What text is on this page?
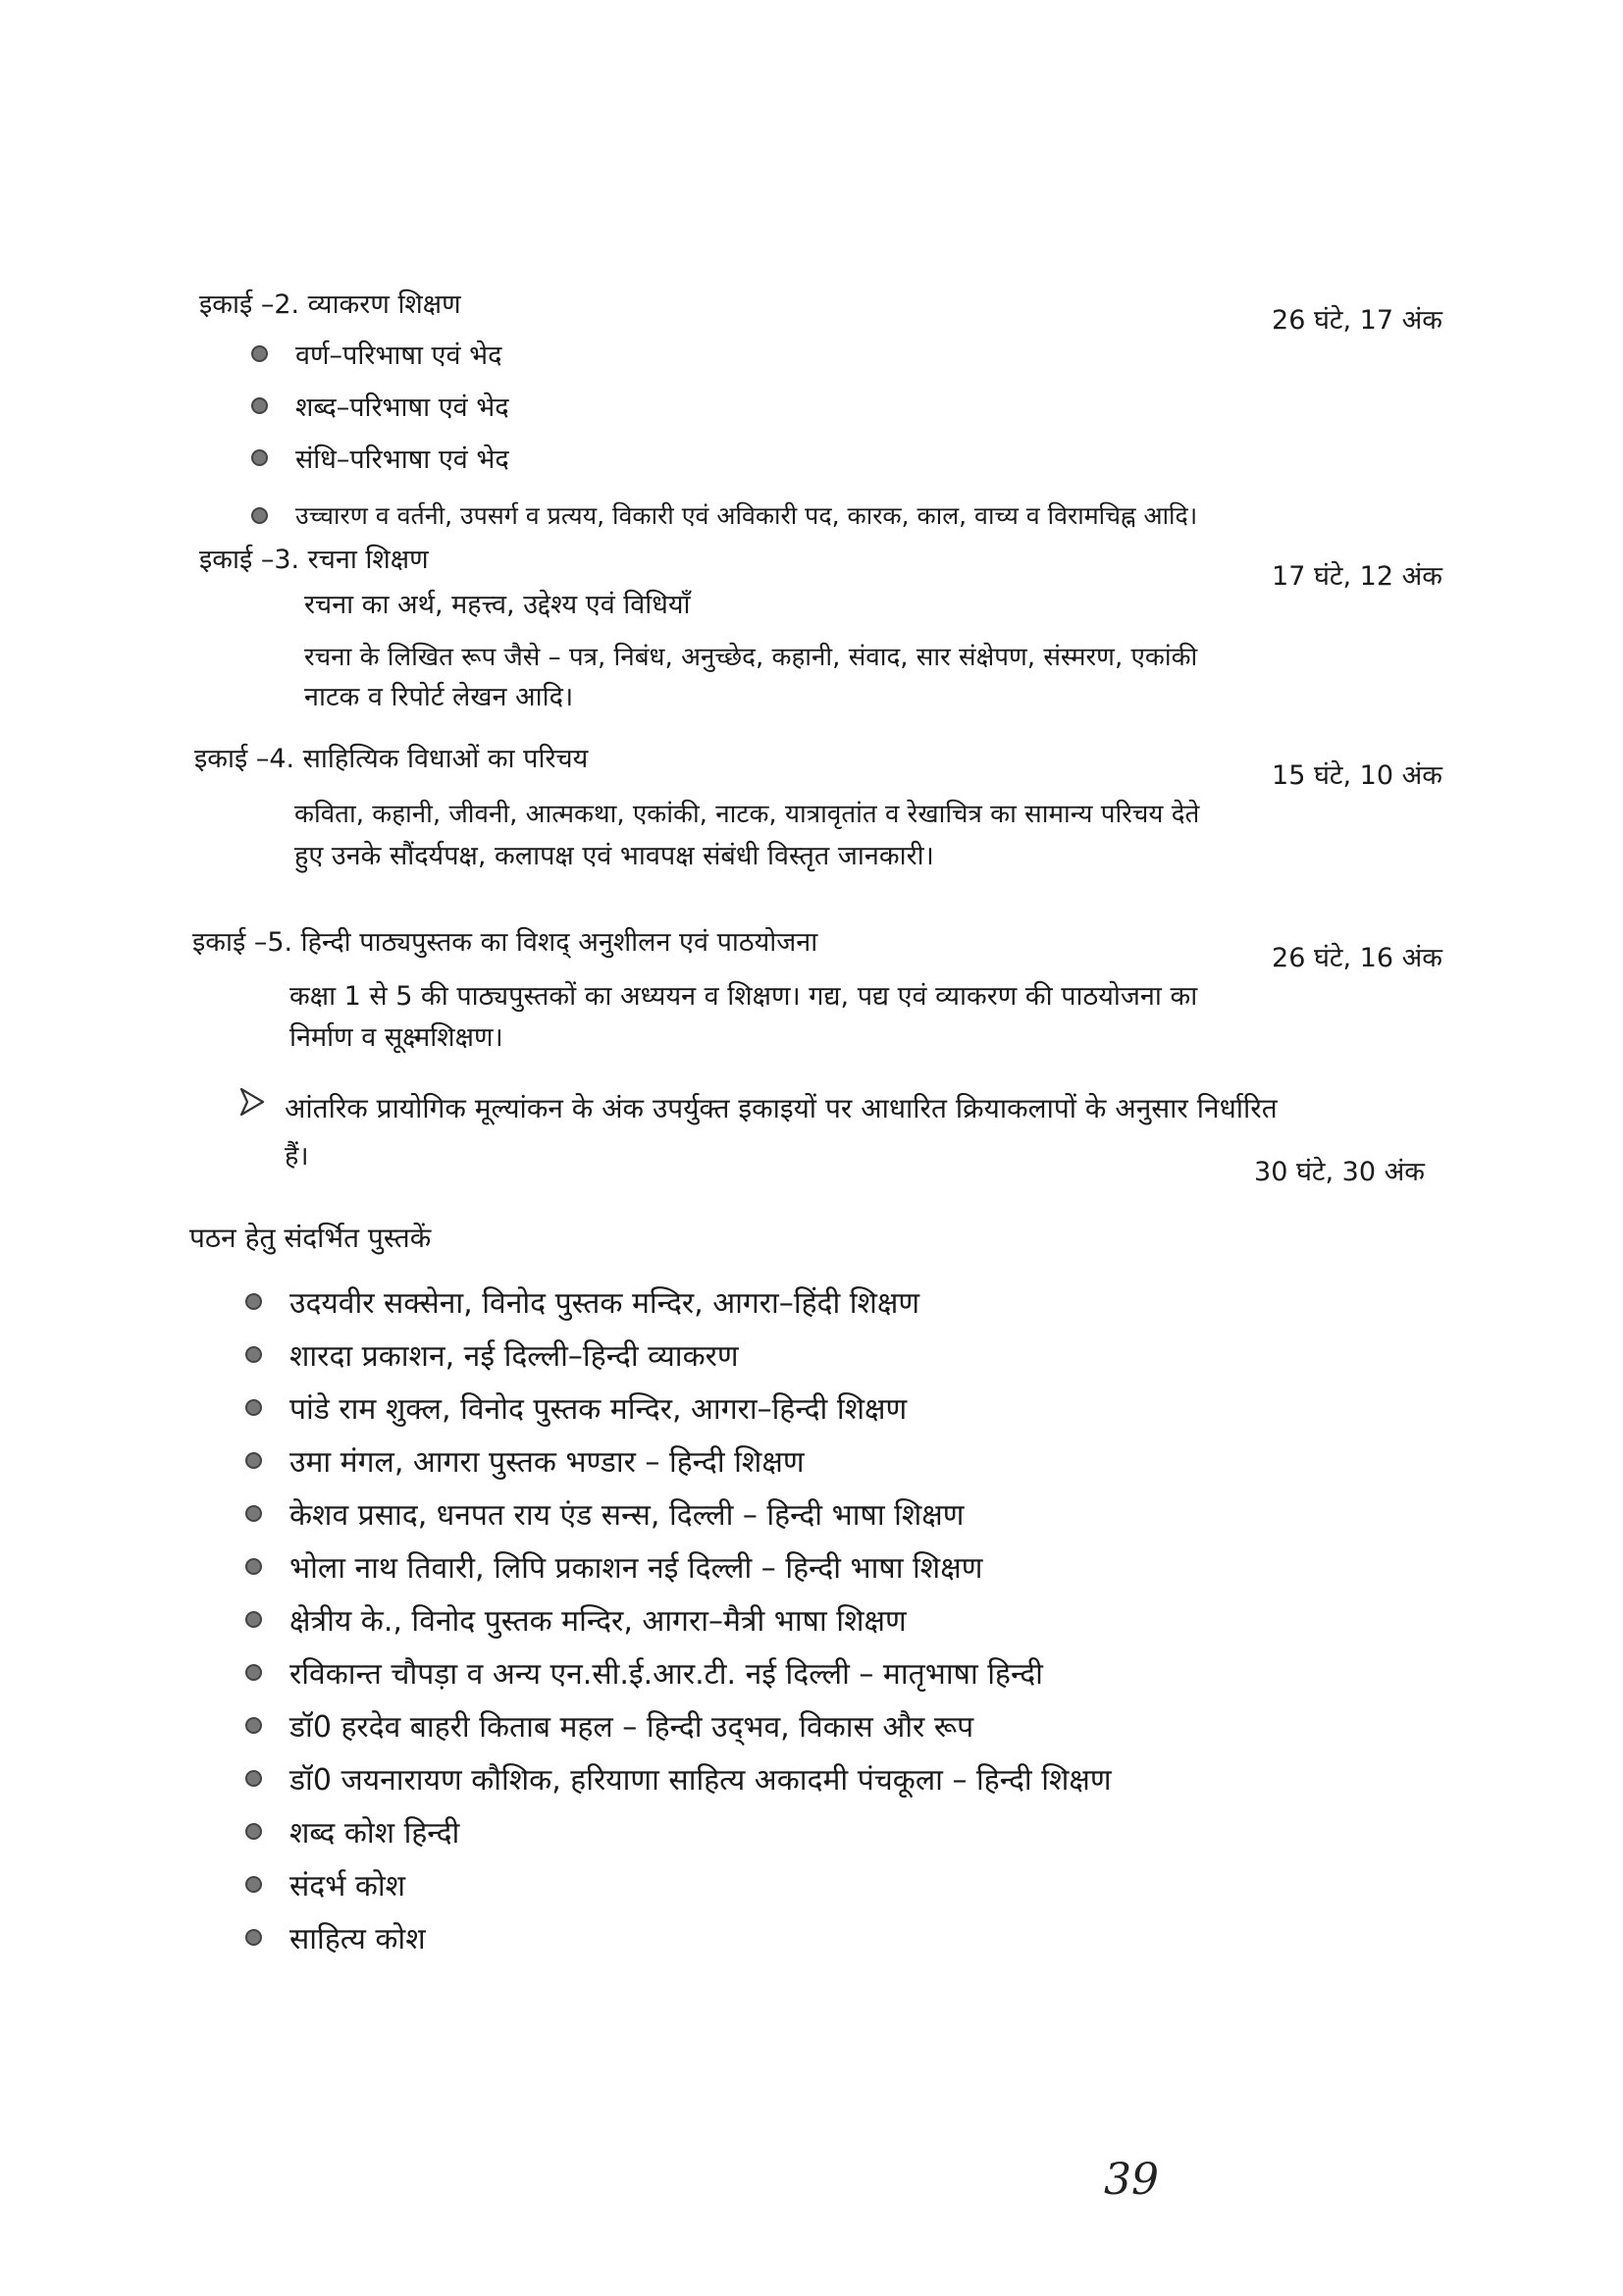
इकाई –2. व्याकरण शिक्षण
26 घंटे, 17 अंक
वर्ण–परिभाषा एवं भेद
शब्द–परिभाषा एवं भेद
संधि–परिभाषा एवं भेद
उच्चारण व वर्तनी, उपसर्ग व प्रत्यय, विकारी एवं अविकारी पद, कारक, काल, वाच्य व विरामचिह्न आदि।
इकाई –3. रचना शिक्षण
17 घंटे, 12 अंक
रचना का अर्थ, महत्त्व, उद्देश्य एवं विधियाँ
रचना के लिखित रूप जैसे – पत्र, निबंध, अनुच्छेद, कहानी, संवाद, सार संक्षेपण, संस्मरण, एकांकी
नाटक व रिपोर्ट लेखन आदि।
इकाई –4. साहित्यिक विधाओं का परिचय
15 घंटे, 10 अंक
कविता, कहानी, जीवनी, आत्मकथा, एकांकी, नाटक, यात्रावृतांत व रेखाचित्र का सामान्य परिचय देते
हुए उनके सौंदर्यपक्ष, कलापक्ष एवं भावपक्ष संबंधी विस्तृत जानकारी।
इकाई –5. हिन्दी पाठ्यपुस्तक का विशद् अनुशीलन एवं पाठयोजना
26 घंटे, 16 अंक
कक्षा 1 से 5 की पाठ्यपुस्तकों का अध्ययन व शिक्षण। गद्य, पद्य एवं व्याकरण की पाठयोजना का
निर्माण व सूक्ष्मशिक्षण।
आंतरिक प्रायोगिक मूल्यांकन के अंक उपर्युक्त इकाइयों पर आधारित क्रियाकलापों के अनुसार निर्धारित
हैं।
30 घंटे, 30 अंक
पठन हेतु संदर्भित पुस्तकें
उदयवीर सक्सेना, विनोद पुस्तक मन्दिर, आगरा–हिंदी शिक्षण
शारदा प्रकाशन, नई दिल्ली–हिन्दी व्याकरण
पांडे राम शुक्ल, विनोद पुस्तक मन्दिर, आगरा–हिन्दी शिक्षण
उमा मंगल, आगरा पुस्तक भण्डार – हिन्दी शिक्षण
केशव प्रसाद, धनपत राय एंड सन्स, दिल्ली – हिन्दी भाषा शिक्षण
भोला नाथ तिवारी, लिपि प्रकाशन नई दिल्ली – हिन्दी भाषा शिक्षण
क्षेत्रीय के., विनोद पुस्तक मन्दिर, आगरा–मैत्री भाषा शिक्षण
रविकान्त चौपड़ा व अन्य एन.सी.ई.आर.टी. नई दिल्ली – मातृभाषा हिन्दी
डॉ0 हरदेव बाहरी किताब महल – हिन्दी उद्‌भव, विकास और रूप
डॉ0 जयनारायण कौशिक, हरियाणा साहित्य अकादमी पंचकूला – हिन्दी शिक्षण
शब्द कोश हिन्दी
संदर्भ कोश
साहित्य कोश
39
